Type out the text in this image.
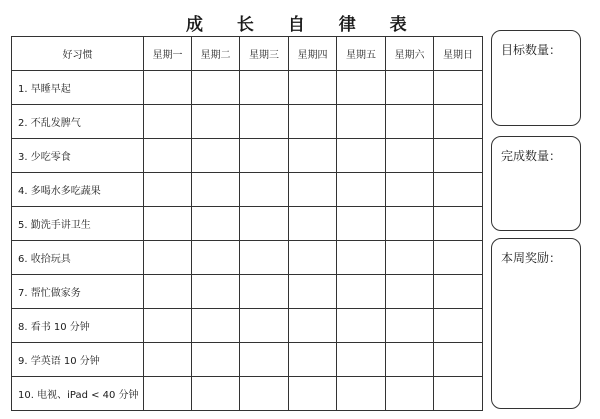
成 长 自 律 表
好习惯	星期一	星期二	星期三	星期四	星期五	星期六	星期日
1. 早睡早起							
2. 不乱发脾气							
3. 少吃零食							
4. 多喝水多吃蔬果							
5. 勤洗手讲卫生							
6. 收拾玩具							
7. 帮忙做家务							
8. 看书 10 分钟							
9. 学英语 10 分钟							
10. 电视、iPad < 40 分钟							
目标数量：
完成数量：
本周奖励：
